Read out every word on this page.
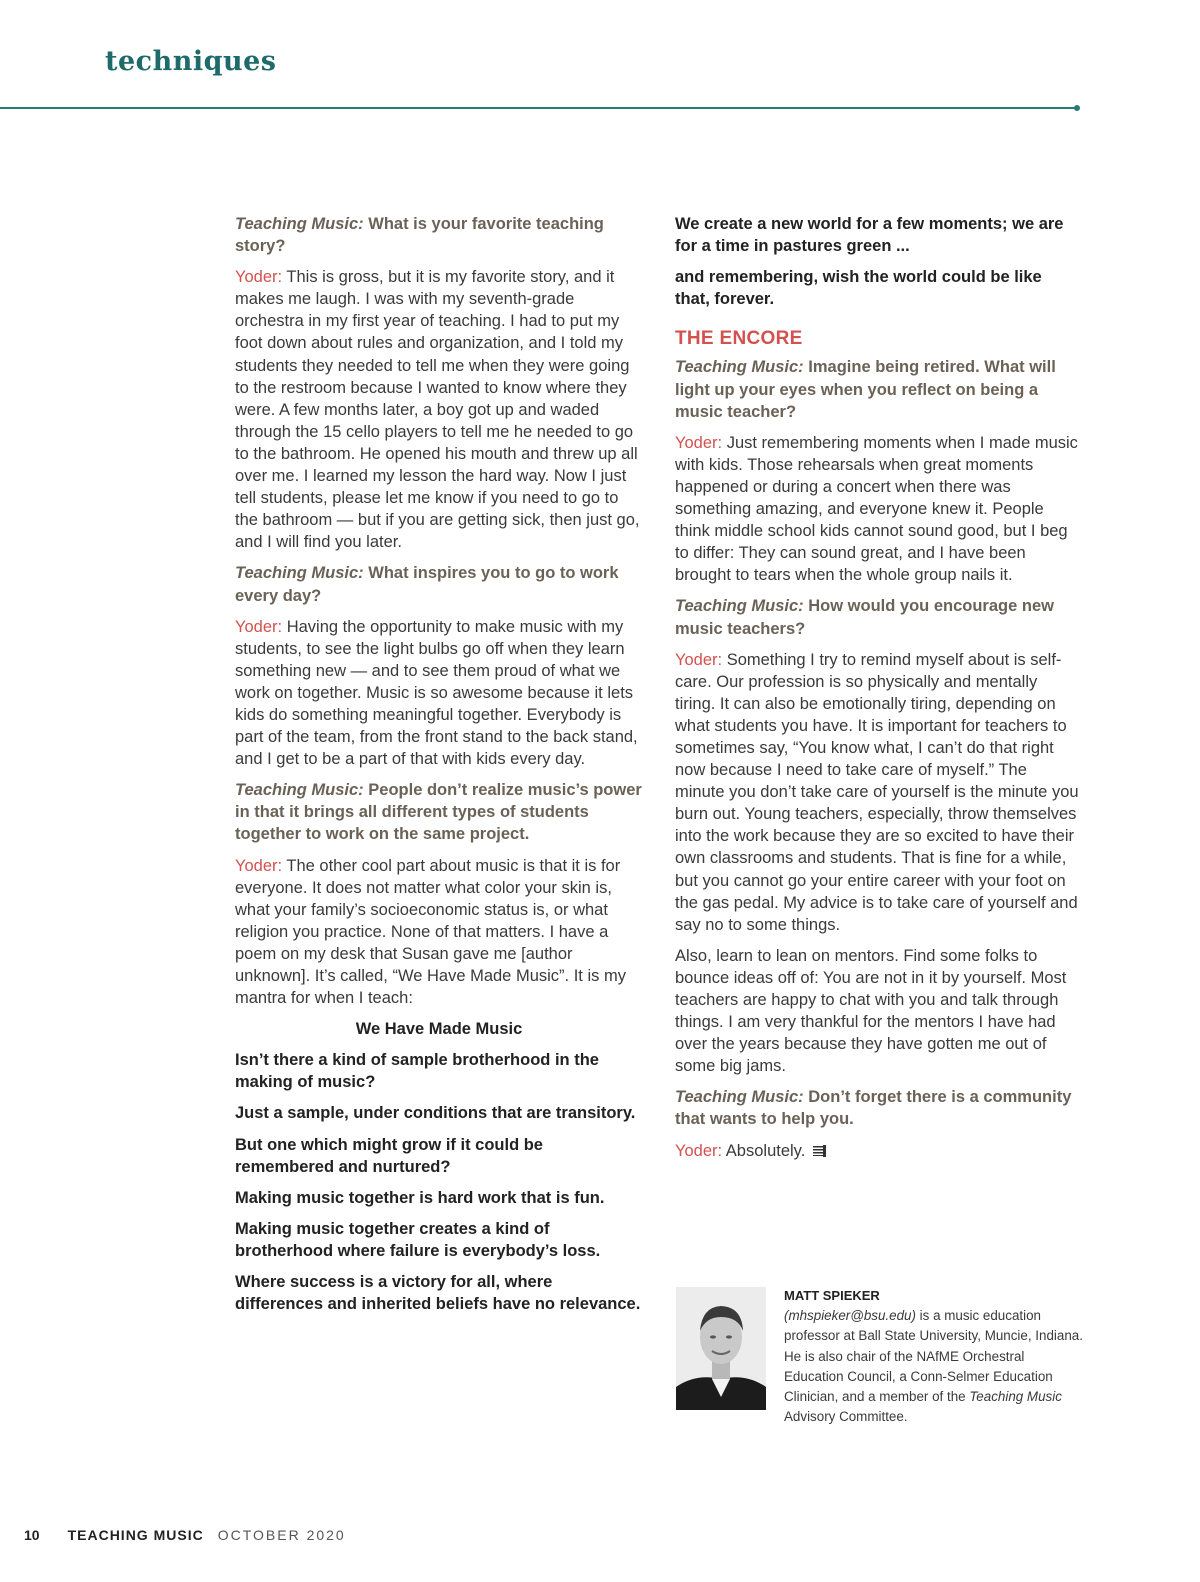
techniques

Teaching Music: What is your favorite teaching story?

Yoder: This is gross, but it is my favorite story, and it makes me laugh. I was with my seventh-grade orchestra in my first year of teaching. I had to put my foot down about rules and organization, and I told my students they needed to tell me when they were going to the restroom because I wanted to know where they were. A few months later, a boy got up and waded through the 15 cello players to tell me he needed to go to the bathroom. He opened his mouth and threw up all over me. I learned my lesson the hard way. Now I just tell students, please let me know if you need to go to the bathroom — but if you are getting sick, then just go, and I will find you later.

Teaching Music: What inspires you to go to work every day?

Yoder: Having the opportunity to make music with my students, to see the light bulbs go off when they learn something new — and to see them proud of what we work on together. Music is so awesome because it lets kids do something meaningful together. Everybody is part of the team, from the front stand to the back stand, and I get to be a part of that with kids every day.

Teaching Music: People don’t realize music’s power in that it brings all different types of students together to work on the same project.

Yoder: The other cool part about music is that it is for everyone. It does not matter what color your skin is, what your family’s socioeconomic status is, or what religion you practice. None of that matters. I have a poem on my desk that Susan gave me [author unknown]. It’s called, “We Have Made Music”. It is my mantra for when I teach:

We Have Made Music

Isn’t there a kind of sample brotherhood in the making of music?

Just a sample, under conditions that are transitory.

But one which might grow if it could be remembered and nurtured?

Making music together is hard work that is fun.

Making music together creates a kind of brotherhood where failure is everybody’s loss.

Where success is a victory for all, where differences and inherited beliefs have no relevance.

We create a new world for a few moments; we are for a time in pastures green ...

and remembering, wish the world could be like that, forever.

THE ENCORE

Teaching Music: Imagine being retired. What will light up your eyes when you reflect on being a music teacher?

Yoder: Just remembering moments when I made music with kids. Those rehearsals when great moments happened or during a concert when there was something amazing, and everyone knew it. People think middle school kids cannot sound good, but I beg to differ: They can sound great, and I have been brought to tears when the whole group nails it.

Teaching Music: How would you encourage new music teachers?

Yoder: Something I try to remind myself about is self-care. Our profession is so physically and mentally tiring. It can also be emotionally tiring, depending on what students you have. It is important for teachers to sometimes say, “You know what, I can’t do that right now because I need to take care of myself.” The minute you don’t take care of yourself is the minute you burn out. Young teachers, especially, throw themselves into the work because they are so excited to have their own classrooms and students. That is fine for a while, but you cannot go your entire career with your foot on the gas pedal. My advice is to take care of yourself and say no to some things.

Also, learn to lean on mentors. Find some folks to bounce ideas off of: You are not in it by yourself. Most teachers are happy to chat with you and talk through things. I am very thankful for the mentors I have had over the years because they have gotten me out of some big jams.

Teaching Music: Don’t forget there is a community that wants to help you.

Yoder: Absolutely.

MATT SPIEKER

(mhspieker@bsu.edu) is a music education professor at Ball State University, Muncie, Indiana. He is also chair of the NAfME Orchestral Education Council, a Conn-Selmer Education Clinician, and a member of the Teaching Music Advisory Committee.

10 TEACHING MUSIC OCTOBER 2020
